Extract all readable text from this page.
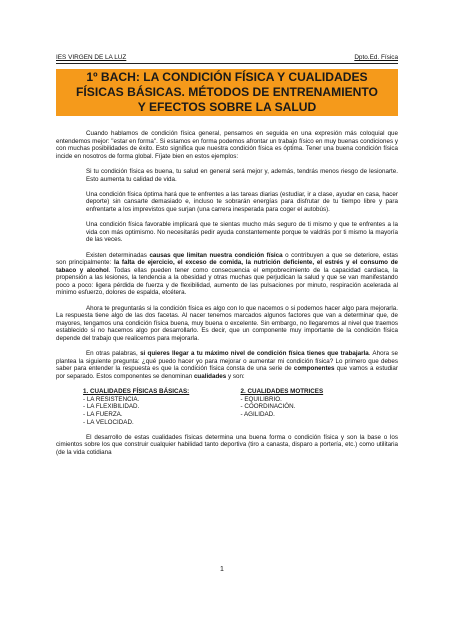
IES VIRGEN DE LA LUZ	Dpto.Ed. Física
1º BACH: LA CONDICIÓN FÍSICA Y CUALIDADES
FÍSICAS BÁSICAS. MÉTODOS DE ENTRENAMIENTO
Y EFECTOS SOBRE LA SALUD

Cuando hablamos de condición física general, pensamos en seguida en una expresión más coloquial que entendemos mejor: "estar en forma". Si estamos en forma podemos afrontar un trabajo físico en muy buenas condiciones y con muchas posibilidades de éxito. Esto significa que nuestra condición física es óptima. Tener una buena condición física incide en nosotros de forma global. Fíjate bien en estos ejemplos:

Si tu condición física es buena, tu salud en general será mejor y, además, tendrás menos riesgo de lesionarte. Esto aumenta tu calidad de vida.

Una condición física óptima hará que te enfrentes a las tareas diarias (estudiar, ir a clase, ayudar en casa, hacer deporte) sin cansarte demasiado e, incluso te sobrarán energías para disfrutar de tu tiempo libre y para enfrentarte a los imprevistos que surjan (una carrera inesperada para coger el autobús).

Una condición física favorable implicará que te sientas mucho más seguro de ti mismo y que te enfrentes a la vida con más optimismo. No necesitarás pedir ayuda constantemente porque te valdrás por ti mismo la mayoría de las veces.

Existen determinadas causas que limitan nuestra condición física o contribuyen a que se deteriore, estas son principalmente: la falta de ejercicio, el exceso de comida, la nutrición deficiente, el estrés y el consumo de tabaco y alcohol. Todas ellas pueden tener como consecuencia el empobrecimiento de la capacidad cardiaca, la propensión a las lesiones, la tendencia a la obesidad y otras muchas que perjudican la salud y que se van manifestando poco a poco: ligera pérdida de fuerza y de flexibilidad, aumento de las pulsaciones por minuto, respiración acelerada al mínimo esfuerzo, dolores de espalda, etcétera.

Ahora te preguntarás si la condición física es algo con lo que nacemos o si podemos hacer algo para mejorarla. La respuesta tiene algo de las dos facetas. Al nacer tenemos marcados algunos factores que van a determinar que, de mayores, tengamos una condición física buena, muy buena o excelente. Sin embargo, no llegaremos al nivel que traemos establecido si no hacemos algo por desarrollarlo. Es decir, que un componente muy importante de la condición física depende del trabajo que realicemos para mejorarla.

En otras palabras, si quieres llegar a tu máximo nivel de condición física tienes que trabajarla. Ahora se plantea la siguiente pregunta: ¿qué puedo hacer yo para mejorar o aumentar mi condición física? Lo primero que debes saber para entender la respuesta es que la condición física consta de una serie de componentes que vamos a estudiar por separado. Estos componentes se denominan cualidades y son:

1. CUALIDADES FÍSICAS BÁSICAS:
- LA RESISTENCIA.
- LA FLEXIBILIDAD.
- LA FUERZA.
- LA VELOCIDAD.
2. CUALIDADES MOTRICES
- EQUILIBRIO.
- COORDINACIÓN.
- AGILIDAD.

El desarrollo de estas cualidades físicas determina una buena forma o condición física y son la base o los cimientos sobre los que construir cualquier habilidad tanto deportiva (tiro a canasta, disparo a portería, etc.) como utilitaria (de la vida cotidiana

1
